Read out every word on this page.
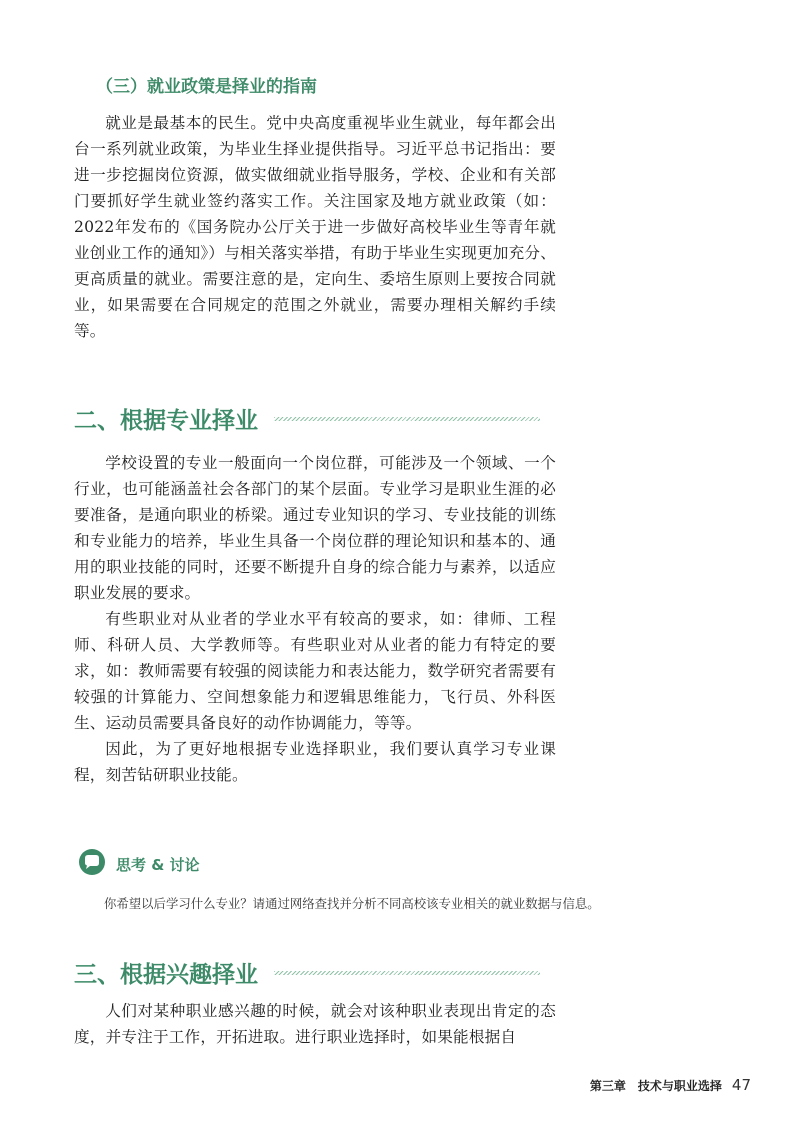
（三）就业政策是择业的指南

就业是最基本的民生。党中央高度重视毕业生就业，每年都会出台一系列就业政策，为毕业生择业提供指导。习近平总书记指出：要进一步挖掘岗位资源，做实做细就业指导服务，学校、企业和有关部门要抓好学生就业签约落实工作。关注国家及地方就业政策（如：2022年发布的《国务院办公厅关于进一步做好高校毕业生等青年就业创业工作的通知》）与相关落实举措，有助于毕业生实现更加充分、更高质量的就业。需要注意的是，定向生、委培生原则上要按合同就业，如果需要在合同规定的范围之外就业，需要办理相关解约手续等。

二、根据专业择业

学校设置的专业一般面向一个岗位群，可能涉及一个领域、一个行业，也可能涵盖社会各部门的某个层面。专业学习是职业生涯的必要准备，是通向职业的桥梁。通过专业知识的学习、专业技能的训练和专业能力的培养，毕业生具备一个岗位群的理论知识和基本的、通用的职业技能的同时，还要不断提升自身的综合能力与素养，以适应职业发展的要求。

有些职业对从业者的学业水平有较高的要求，如：律师、工程师、科研人员、大学教师等。有些职业对从业者的能力有特定的要求，如：教师需要有较强的阅读能力和表达能力，数学研究者需要有较强的计算能力、空间想象能力和逻辑思维能力，飞行员、外科医生、运动员需要具备良好的动作协调能力，等等。

因此，为了更好地根据专业选择职业，我们要认真学习专业课程，刻苦钻研职业技能。

思考 & 讨论
你希望以后学习什么专业？请通过网络查找并分析不同高校该专业相关的就业数据与信息。
三、根据兴趣择业

人们对某种职业感兴趣的时候，就会对该种职业表现出肯定的态度，并专注于工作，开拓进取。进行职业选择时，如果能根据自

第三章　技术与职业选择 47
